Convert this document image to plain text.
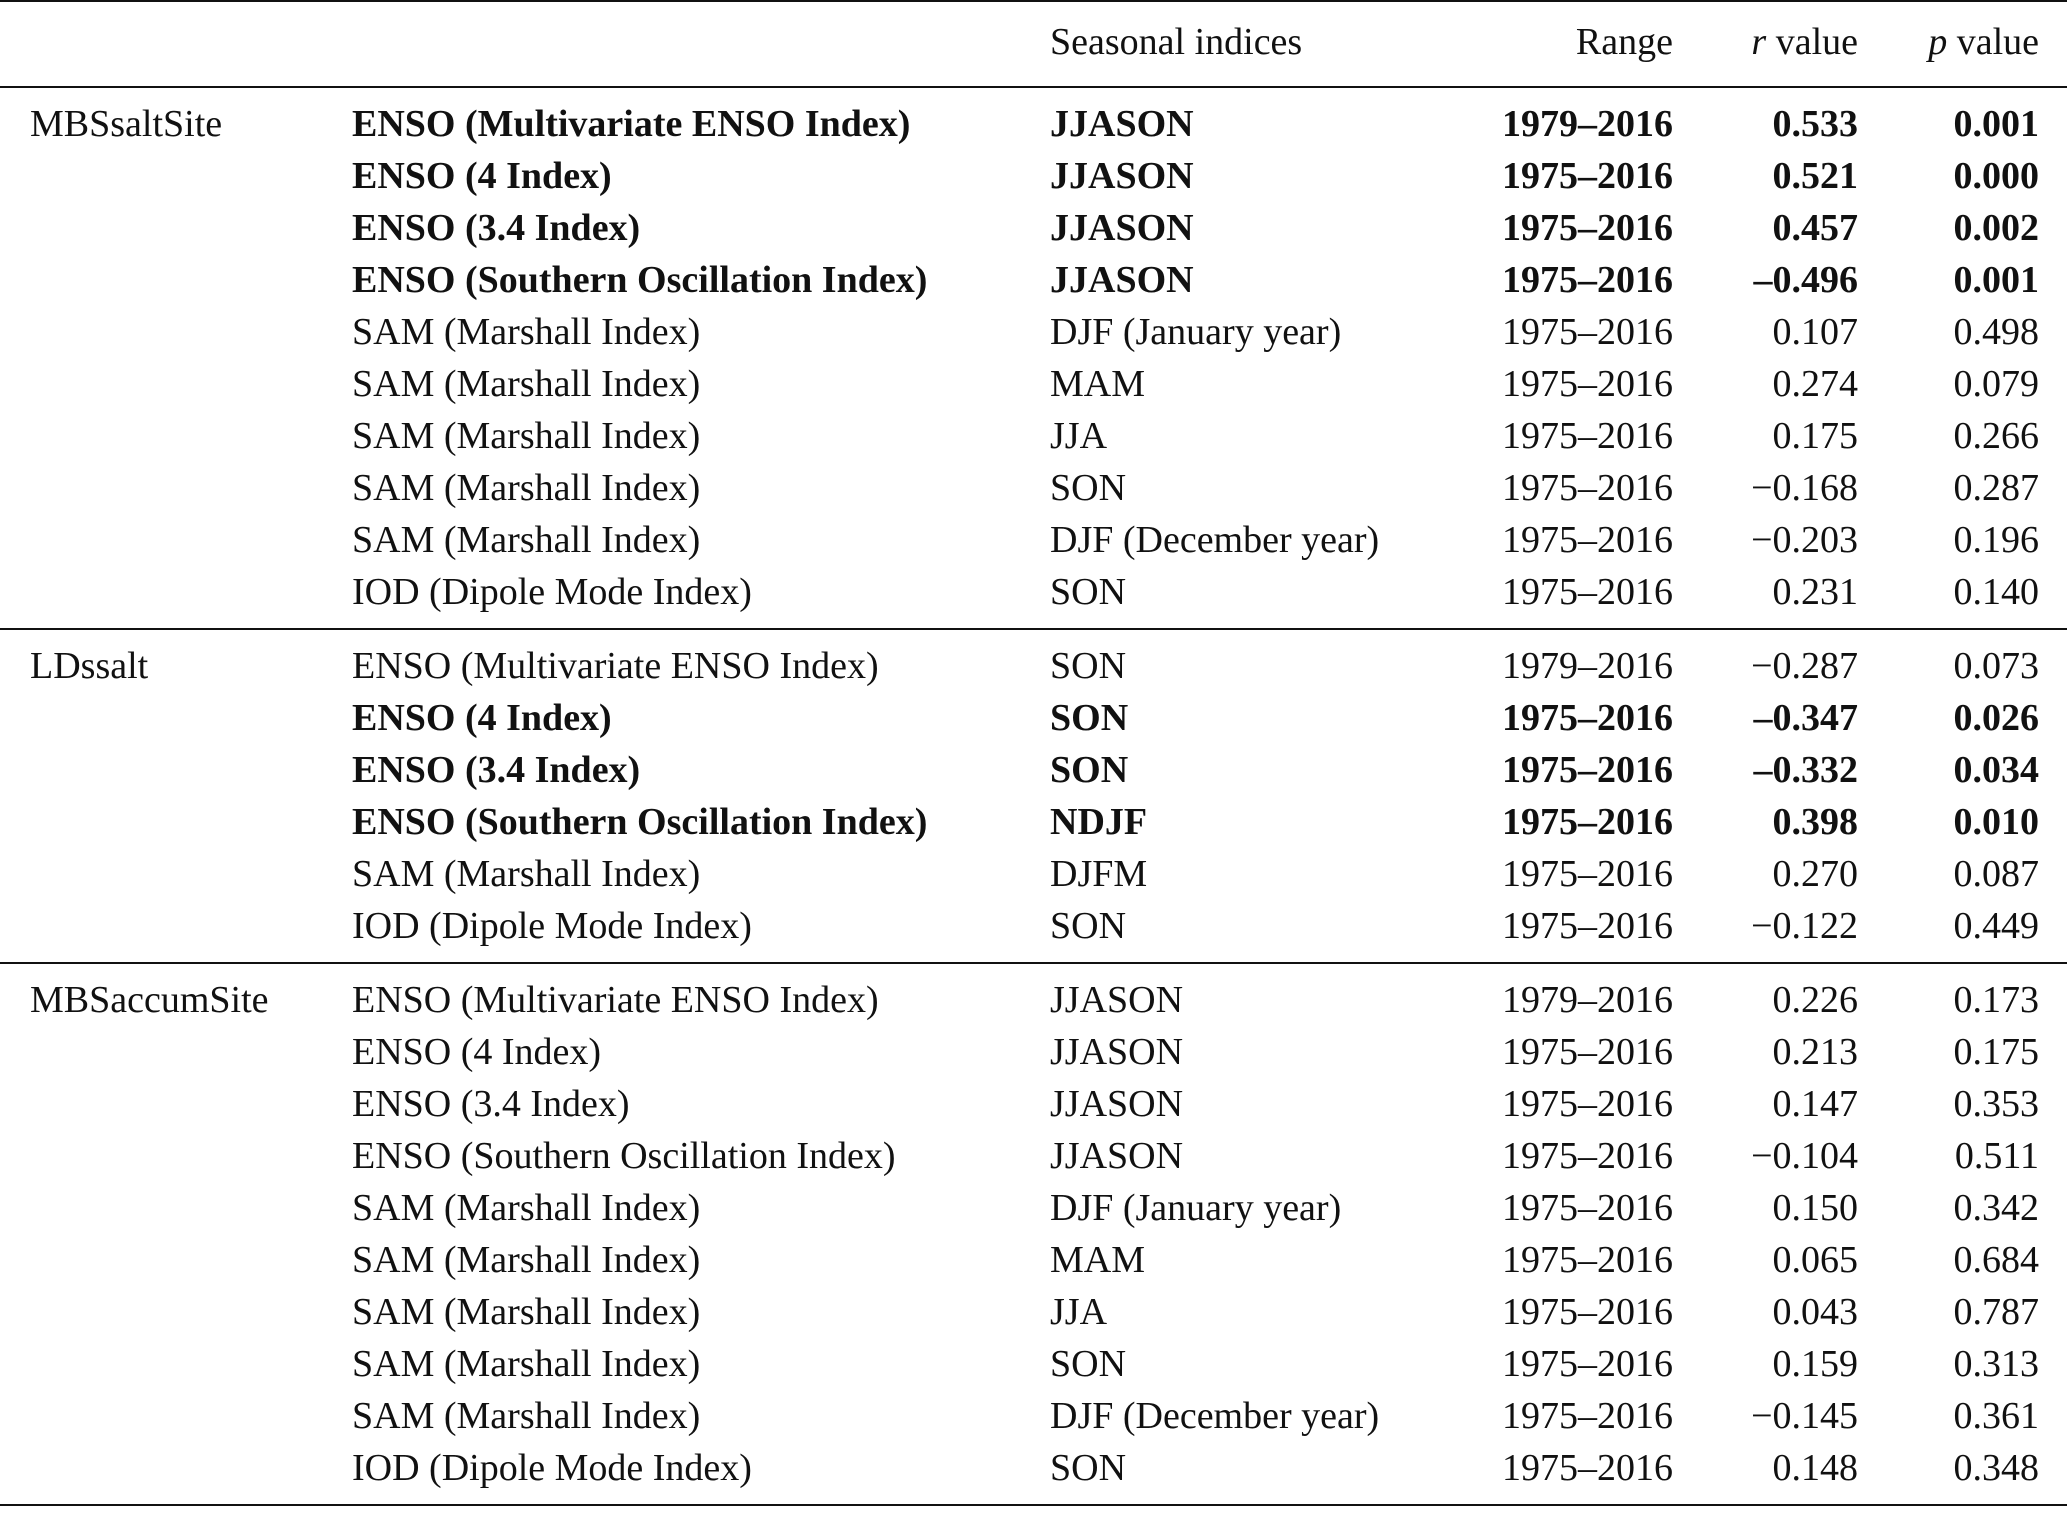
		Seasonal indices	Range	r value	p value
MBSsaltSite	ENSO (Multivariate ENSO Index)	JJASON	1979–2016	0.533	0.001
	ENSO (4 Index)	JJASON	1975–2016	0.521	0.000
	ENSO (3.4 Index)	JJASON	1975–2016	0.457	0.002
	ENSO (Southern Oscillation Index)	JJASON	1975–2016	–0.496	0.001
	SAM (Marshall Index)	DJF (January year)	1975–2016	0.107	0.498
	SAM (Marshall Index)	MAM	1975–2016	0.274	0.079
	SAM (Marshall Index)	JJA	1975–2016	0.175	0.266
	SAM (Marshall Index)	SON	1975–2016	−0.168	0.287
	SAM (Marshall Index)	DJF (December year)	1975–2016	−0.203	0.196
	IOD (Dipole Mode Index)	SON	1975–2016	0.231	0.140
LDssalt	ENSO (Multivariate ENSO Index)	SON	1979–2016	−0.287	0.073
	ENSO (4 Index)	SON	1975–2016	–0.347	0.026
	ENSO (3.4 Index)	SON	1975–2016	–0.332	0.034
	ENSO (Southern Oscillation Index)	NDJF	1975–2016	0.398	0.010
	SAM (Marshall Index)	DJFM	1975–2016	0.270	0.087
	IOD (Dipole Mode Index)	SON	1975–2016	−0.122	0.449
MBSaccumSite	ENSO (Multivariate ENSO Index)	JJASON	1979–2016	0.226	0.173
	ENSO (4 Index)	JJASON	1975–2016	0.213	0.175
	ENSO (3.4 Index)	JJASON	1975–2016	0.147	0.353
	ENSO (Southern Oscillation Index)	JJASON	1975–2016	−0.104	0.511
	SAM (Marshall Index)	DJF (January year)	1975–2016	0.150	0.342
	SAM (Marshall Index)	MAM	1975–2016	0.065	0.684
	SAM (Marshall Index)	JJA	1975–2016	0.043	0.787
	SAM (Marshall Index)	SON	1975–2016	0.159	0.313
	SAM (Marshall Index)	DJF (December year)	1975–2016	−0.145	0.361
	IOD (Dipole Mode Index)	SON	1975–2016	0.148	0.348
